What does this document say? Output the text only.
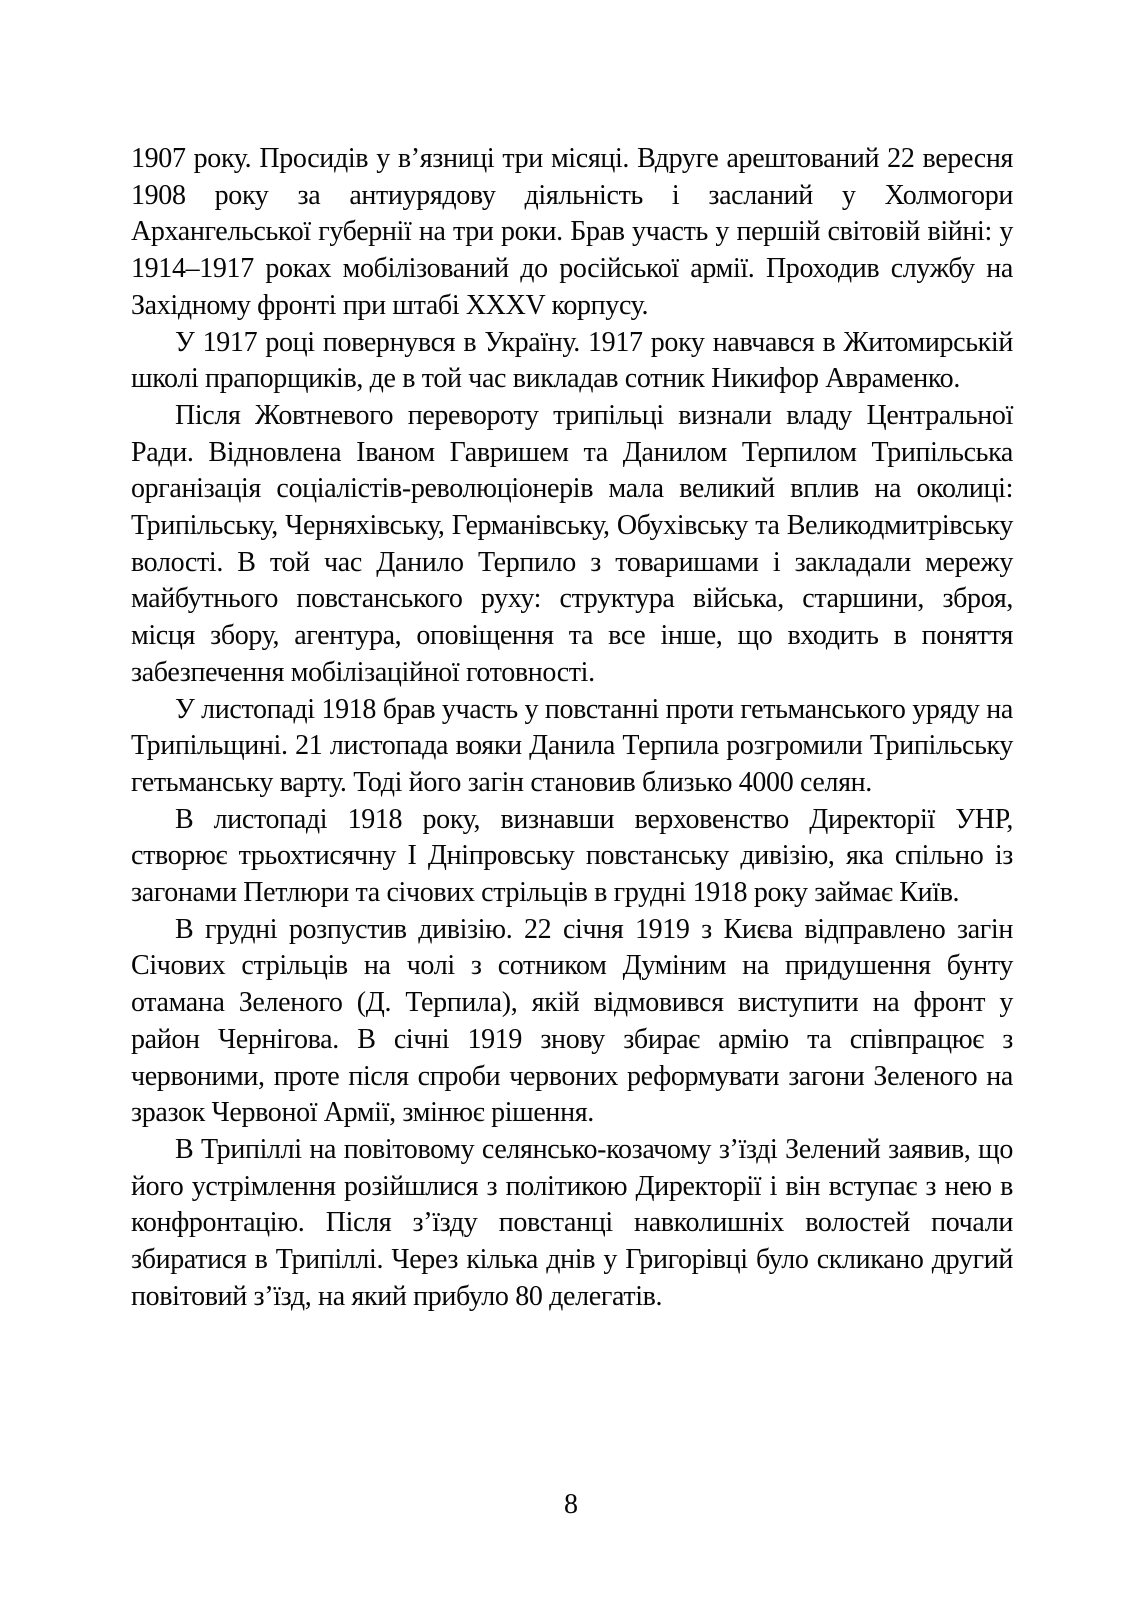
1907 року. Просидів у в’язниці три місяці. Вдруге арештований 22 вересня 1908 року за антиурядову діяльність і засланий у Холмогори Архангельської губернії на три роки. Брав участь у першій світовій війні: у 1914–1917 роках мобілізований до російської армії. Проходив службу на Західному фронті при штабі XXXV корпусу.

У 1917 році повернувся в Україну. 1917 року навчався в Житомирській школі прапорщиків, де в той час викладав сотник Никифор Авраменко.

Після Жовтневого перевороту трипільці визнали владу Центральної Ради. Відновлена Іваном Гавришем та Данилом Терпилом Трипільська організація соціалістів-революціонерів мала великий вплив на околиці: Трипільську, Черняхівську, Германівську, Обухівську та Великодмитрівську волості. В той час Данило Терпило з товаришами і закладали мережу майбутнього повстанського руху: структура війська, старшини, зброя, місця збору, агентура, оповіщення та все інше, що входить в поняття забезпечення мобілізаційної готовності.

У листопаді 1918 брав участь у повстанні проти гетьманського уряду на Трипільщині. 21 листопада вояки Данила Терпила розгромили Трипільську гетьманську варту. Тоді його загін становив близько 4000 селян.

В листопаді 1918 року, визнавши верховенство Директорії УНР, створює трьохтисячну І Дніпровську повстанську дивізію, яка спільно із загонами Петлюри та січових стрільців в грудні 1918 року займає Київ.

В грудні розпустив дивізію. 22 січня 1919 з Києва відправлено загін Січових стрільців на чолі з сотником Думіним на придушення бунту отамана Зеленого (Д. Терпила), якій відмовився виступити на фронт у район Чернігова. В січні 1919 знову збирає армію та співпрацює з червоними, проте після спроби червоних реформувати загони Зеленого на зразок Червоної Армії, змінює рішення.

В Трипіллі на повітовому селянсько-козачому з’їзді Зелений заявив, що його устрімлення розійшлися з політикою Директорії і він вступає з нею в конфронтацію. Після з’їзду повстанці навколишніх волостей почали збиратися в Трипіллі. Через кілька днів у Григорівці було скликано другий повітовий з’їзд, на який прибуло 80 делегатів.

8
